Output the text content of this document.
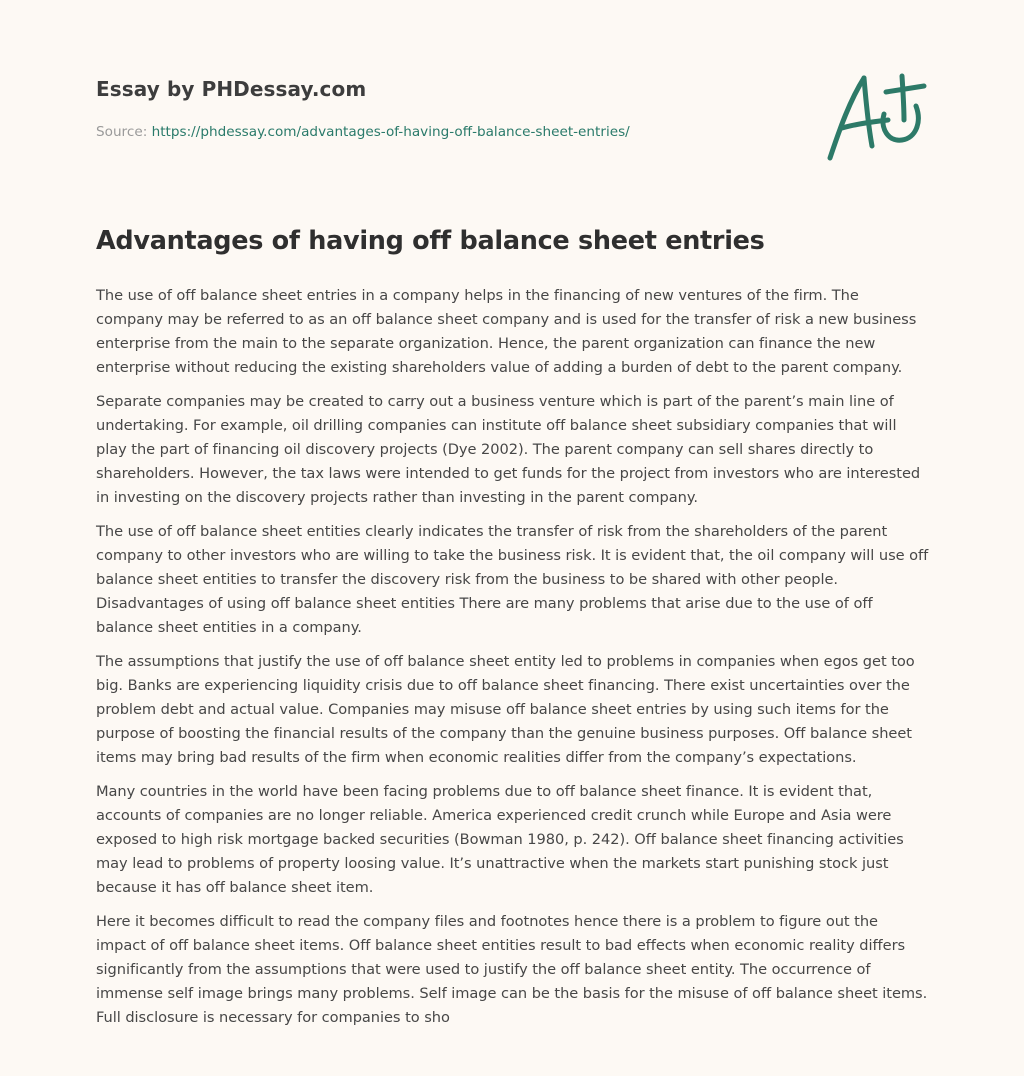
Essay by PHDessay.com
Source: https://phdessay.com/advantages-of-having-off-balance-sheet-entries/
Advantages of having off balance sheet entries

The use of off balance sheet entries in a company helps in the financing of new ventures of the firm. The company may be referred to as an off balance sheet company and is used for the transfer of risk a new business enterprise from the main to the separate organization. Hence, the parent organization can finance the new enterprise without reducing the existing shareholders value of adding a burden of debt to the parent company.

Separate companies may be created to carry out a business venture which is part of the parent’s main line of undertaking. For example, oil drilling companies can institute off balance sheet subsidiary companies that will play the part of financing oil discovery projects (Dye 2002). The parent company can sell shares directly to shareholders. However, the tax laws were intended to get funds for the project from investors who are interested in investing on the discovery projects rather than investing in the parent company.

The use of off balance sheet entities clearly indicates the transfer of risk from the shareholders of the parent company to other investors who are willing to take the business risk. It is evident that, the oil company will use off balance sheet entities to transfer the discovery risk from the business to be shared with other people. Disadvantages of using off balance sheet entities There are many problems that arise due to the use of off balance sheet entities in a company.

The assumptions that justify the use of off balance sheet entity led to problems in companies when egos get too big. Banks are experiencing liquidity crisis due to off balance sheet financing. There exist uncertainties over the problem debt and actual value. Companies may misuse off balance sheet entries by using such items for the purpose of boosting the financial results of the company than the genuine business purposes. Off balance sheet items may bring bad results of the firm when economic realities differ from the company’s expectations.

Many countries in the world have been facing problems due to off balance sheet finance. It is evident that, accounts of companies are no longer reliable. America experienced credit crunch while Europe and Asia were exposed to high risk mortgage backed securities (Bowman 1980, p. 242). Off balance sheet financing activities may lead to problems of property loosing value. It’s unattractive when the markets start punishing stock just because it has off balance sheet item.

Here it becomes difficult to read the company files and footnotes hence there is a problem to figure out the impact of off balance sheet items. Off balance sheet entities result to bad effects when economic reality differs significantly from the assumptions that were used to justify the off balance sheet entity. The occurrence of immense self image brings many problems. Self image can be the basis for the misuse of off balance sheet items. Full disclosure is necessary for companies to sho
